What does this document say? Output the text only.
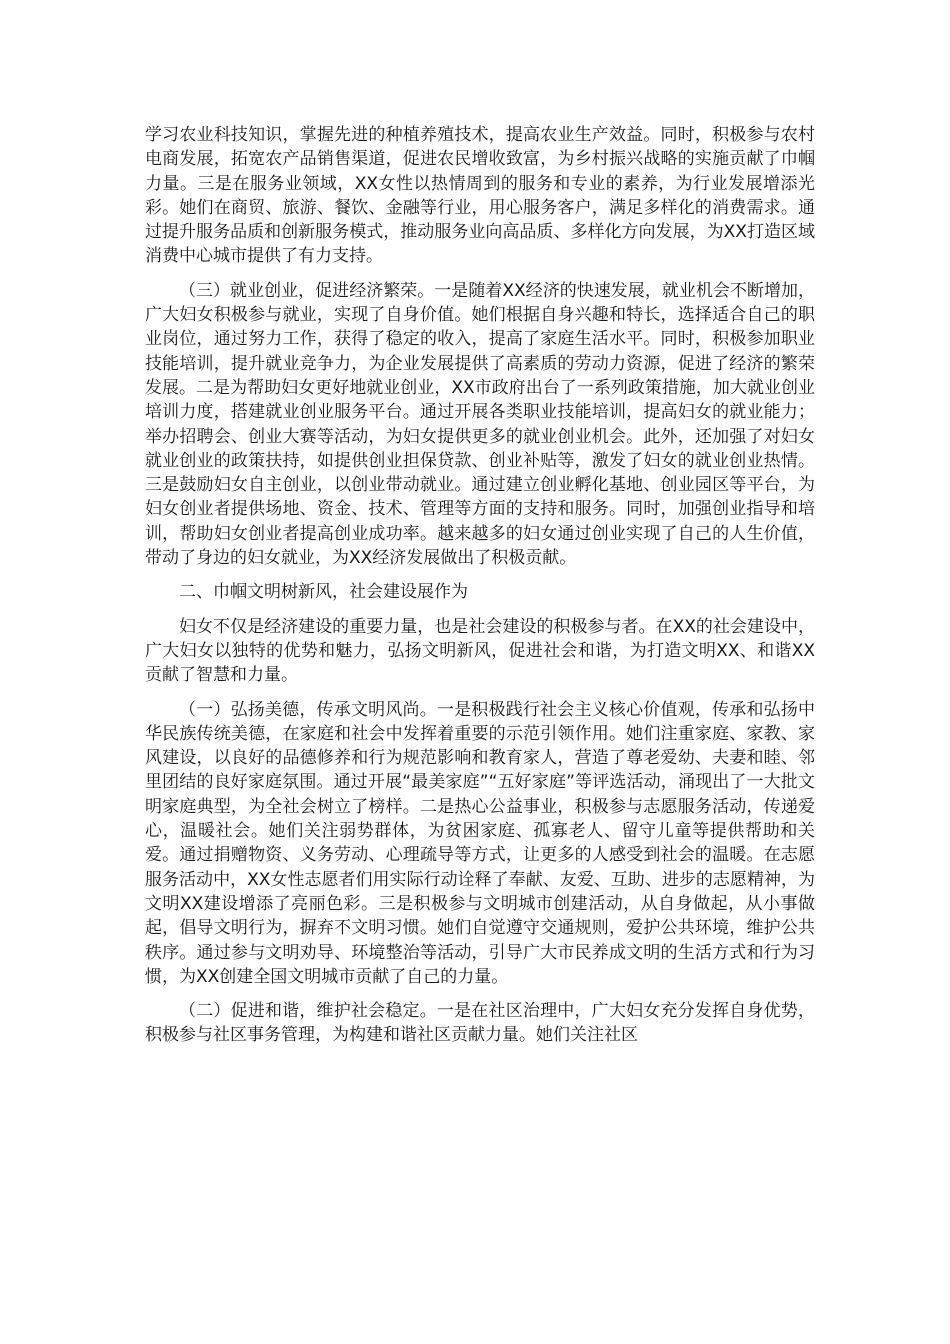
学习农业科技知识，掌握先进的种植养殖技术，提高农业生产效益。同时，积极参与农村电商发展，拓宽农产品销售渠道，促进农民增收致富，为乡村振兴战略的实施贡献了巾帼力量。三是在服务业领域，XX女性以热情周到的服务和专业的素养，为行业发展增添光彩。她们在商贸、旅游、餐饮、金融等行业，用心服务客户，满足多样化的消费需求。通过提升服务品质和创新服务模式，推动服务业向高品质、多样化方向发展，为XX打造区域消费中心城市提供了有力支持。

（三）就业创业，促进经济繁荣。一是随着XX经济的快速发展，就业机会不断增加，广大妇女积极参与就业，实现了自身价值。她们根据自身兴趣和特长，选择适合自己的职业岗位，通过努力工作，获得了稳定的收入，提高了家庭生活水平。同时，积极参加职业技能培训，提升就业竞争力，为企业发展提供了高素质的劳动力资源，促进了经济的繁荣发展。二是为帮助妇女更好地就业创业，XX市政府出台了一系列政策措施，加大就业创业培训力度，搭建就业创业服务平台。通过开展各类职业技能培训，提高妇女的就业能力；举办招聘会、创业大赛等活动，为妇女提供更多的就业创业机会。此外，还加强了对妇女就业创业的政策扶持，如提供创业担保贷款、创业补贴等，激发了妇女的就业创业热情。三是鼓励妇女自主创业，以创业带动就业。通过建立创业孵化基地、创业园区等平台，为妇女创业者提供场地、资金、技术、管理等方面的支持和服务。同时，加强创业指导和培训，帮助妇女创业者提高创业成功率。越来越多的妇女通过创业实现了自己的人生价值，带动了身边的妇女就业，为XX经济发展做出了积极贡献。

二、巾帼文明树新风，社会建设展作为

妇女不仅是经济建设的重要力量，也是社会建设的积极参与者。在XX的社会建设中，广大妇女以独特的优势和魅力，弘扬文明新风，促进社会和谐，为打造文明XX、和谐XX贡献了智慧和力量。

（一）弘扬美德，传承文明风尚。一是积极践行社会主义核心价值观，传承和弘扬中华民族传统美德，在家庭和社会中发挥着重要的示范引领作用。她们注重家庭、家教、家风建设，以良好的品德修养和行为规范影响和教育家人，营造了尊老爱幼、夫妻和睦、邻里团结的良好家庭氛围。通过开展“最美家庭”“五好家庭”等评选活动，涌现出了一大批文明家庭典型，为全社会树立了榜样。二是热心公益事业，积极参与志愿服务活动，传递爱心，温暖社会。她们关注弱势群体，为贫困家庭、孤寡老人、留守儿童等提供帮助和关爱。通过捐赠物资、义务劳动、心理疏导等方式，让更多的人感受到社会的温暖。在志愿服务活动中，XX女性志愿者们用实际行动诠释了奉献、友爱、互助、进步的志愿精神，为文明XX建设增添了亮丽色彩。三是积极参与文明城市创建活动，从自身做起，从小事做起，倡导文明行为，摒弃不文明习惯。她们自觉遵守交通规则，爱护公共环境，维护公共秩序。通过参与文明劝导、环境整治等活动，引导广大市民养成文明的生活方式和行为习惯，为XX创建全国文明城市贡献了自己的力量。

（二）促进和谐，维护社会稳定。一是在社区治理中，广大妇女充分发挥自身优势，积极参与社区事务管理，为构建和谐社区贡献力量。她们关注社区
